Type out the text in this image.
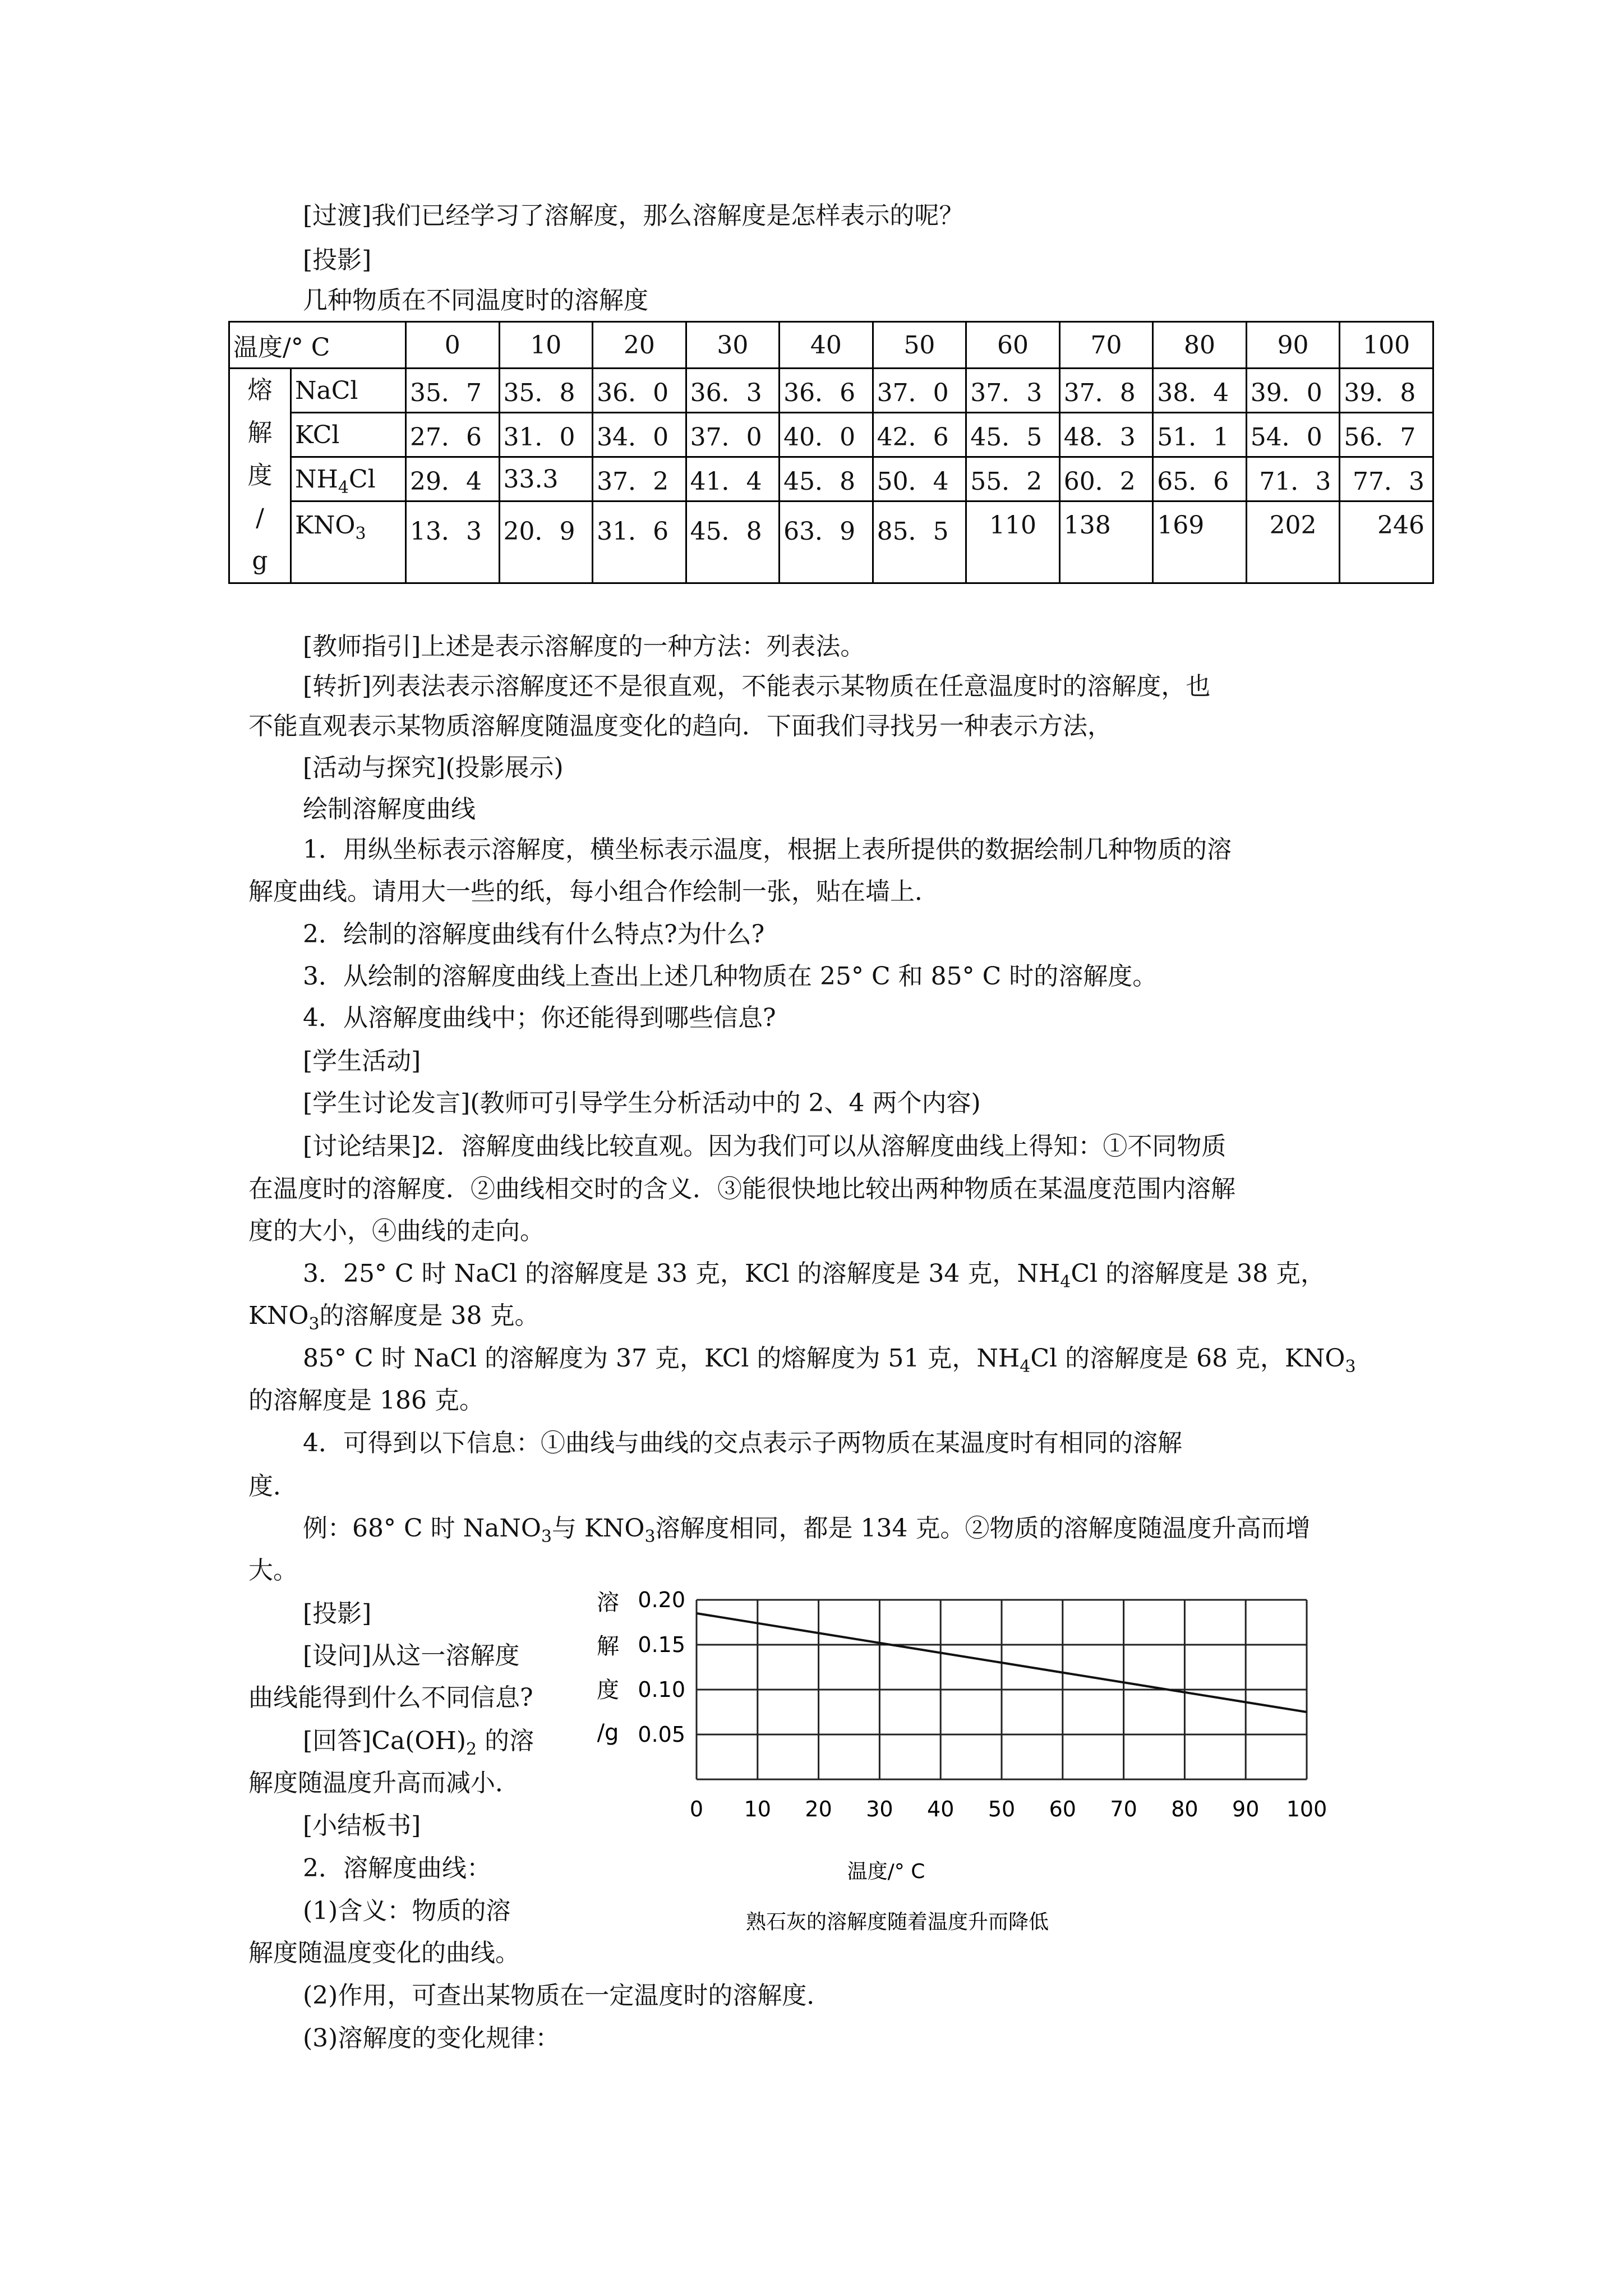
[过渡]我们已经学习了溶解度，那么溶解度是怎样表示的呢？
[投影]
几种物质在不同温度时的溶解度
温度/° C		0	10	20	30	40	50	60	70	80	90	100
熔
解
度
/
g	NaCl	35．7	35．8	36．0	36．3	36．6	37．0	37．3	37．8	38．4	39．0	39．8
	KCl	27．6	31．0	34．0	37．0	40．0	42．6	45．5	48．3	51．1	54．0	56．7
	$NH_4Cl$	29．4	33.3	37．2	41．4	45．8	50．4	55．2	60．2	65．6	71．3	77．3
	$KNO_3$	13．3	20．9	31．6	45．8	63．9	85．5	110	138	169	202	246
[教师指引]上述是表示溶解度的一种方法：列表法。
[转折]列表法表示溶解度还不是很直观，不能表示某物质在任意温度时的溶解度，也
不能直观表示某物质溶解度随温度变化的趋向．下面我们寻找另一种表示方法，
[活动与探究](投影展示)
绘制溶解度曲线
1．用纵坐标表示溶解度，横坐标表示温度，根据上表所提供的数据绘制几种物质的溶
解度曲线。请用大一些的纸，每小组合作绘制一张，贴在墙上．
2．绘制的溶解度曲线有什么特点?为什么?
3．从绘制的溶解度曲线上查出上述几种物质在 25° C 和 85° C 时的溶解度。
4．从溶解度曲线中；你还能得到哪些信息?
[学生活动]
[学生讨论发言](教师可引导学生分析活动中的 2、4 两个内容)
[讨论结果]2．溶解度曲线比较直观。因为我们可以从溶解度曲线上得知：①不同物质
在温度时的溶解度．②曲线相交时的含义．③能很快地比较出两种物质在某温度范围内溶解
度的大小，④曲线的走向。
3．25° C 时 NaCl 的溶解度是 33 克，KCl 的溶解度是 34 克，$NH_4Cl$ 的溶解度是 38 克，
$KNO_3$的溶解度是 38 克。
85° C 时 NaCl 的溶解度为 37 克，KCl 的熔解度为 51 克，$NH_4Cl$ 的溶解度是 68 克，$KNO_3$
的溶解度是 186 克。
4．可得到以下信息：①曲线与曲线的交点表示子两物质在某温度时有相同的溶解
度．
例：68° C 时 NaNO$_3$与 $KNO_3$溶解度相同，都是 134 克。②物质的溶解度随温度升高而增
大。
[投影]
[设问]从这一溶解度
曲线能得到什么不同信息?
[回答]$Ca(OH)_2$ 的溶
解度随温度升高而减小．
[小结板书]
2．溶解度曲线：
(1)含义：物质的溶
解度随温度变化的曲线。
(2)作用，可查出某物质在一定温度时的溶解度．
(3)溶解度的变化规律：
溶
解
度
/g
0.20
0.15
0.10
0.05
0 10 20 30 40 50 60 70 80 90 100
温度/° C
熟石灰的溶解度随着温度升而降低
